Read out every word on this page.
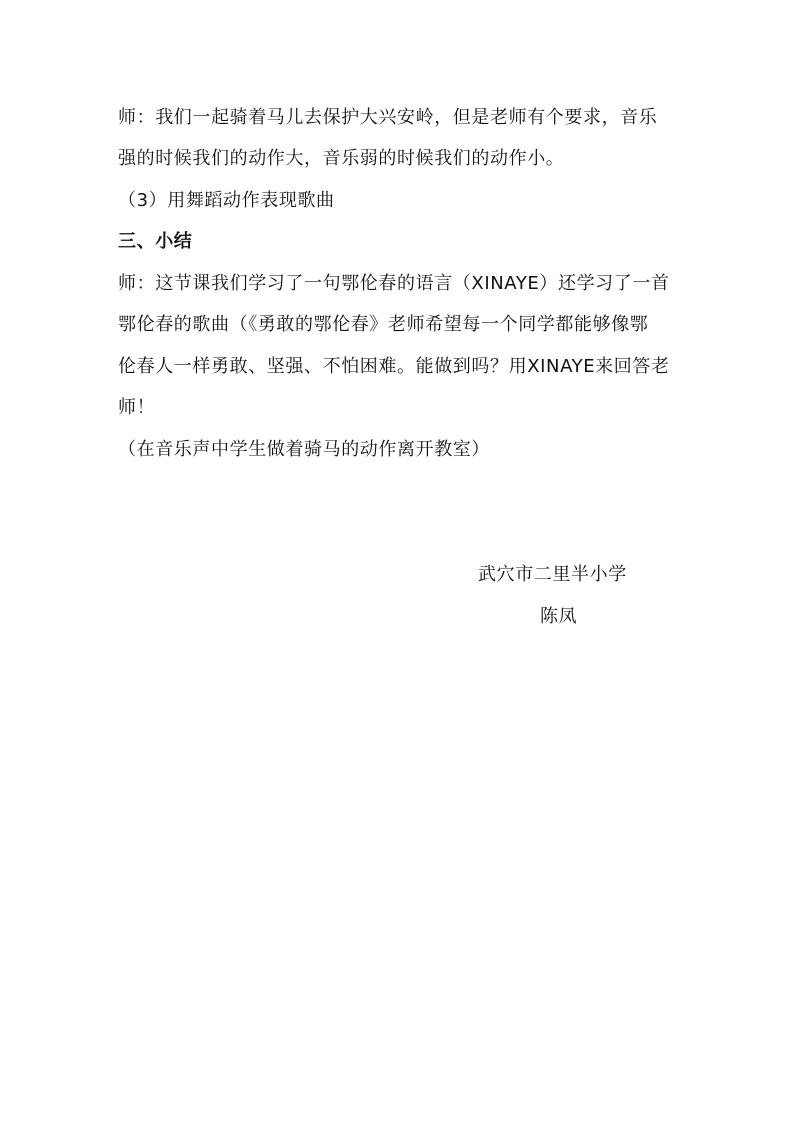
师：我们一起骑着马儿去保护大兴安岭，但是老师有个要求，音乐
强的时候我们的动作大，音乐弱的时候我们的动作小。
（3）用舞蹈动作表现歌曲
三、小结
师：这节课我们学习了一句鄂伦春的语言（XINAYE）还学习了一首
鄂伦春的歌曲（《勇敢的鄂伦春》老师希望每一个同学都能够像鄂
伦春人一样勇敢、坚强、不怕困难。能做到吗？用XINAYE来回答老
师！
（在音乐声中学生做着骑马的动作离开教室）
武穴市二里半小学
陈凤
